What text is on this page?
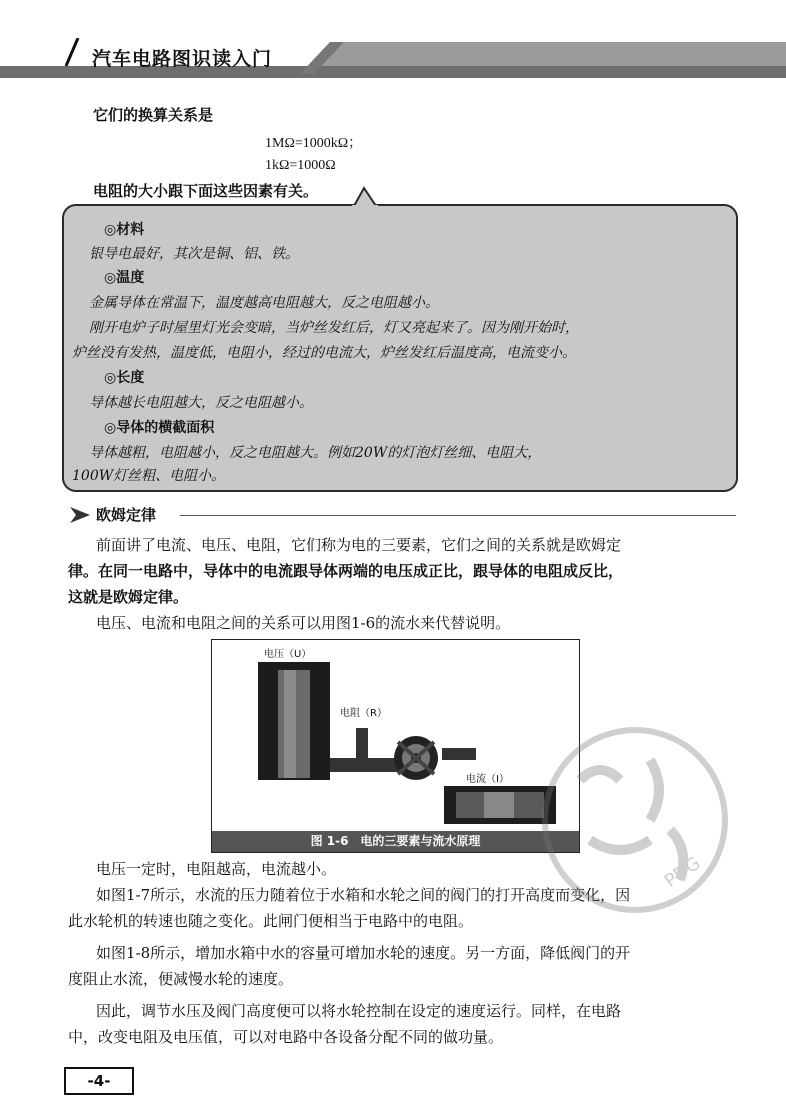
汽车电路图识读入门
它们的换算关系是
1MΩ=1000kΩ；
1kΩ=1000Ω
电阻的大小跟下面这些因素有关。
◎材料
银导电最好，其次是铜、铝、铁。
◎温度
金属导体在常温下，温度越高电阻越大，反之电阻越小。
刚开电炉子时屋里灯光会变暗，当炉丝发红后，灯又亮起来了。因为刚开始时，
炉丝没有发热，温度低，电阻小，经过的电流大，炉丝发红后温度高，电流变小。
◎长度
导体越长电阻越大，反之电阻越小。
◎导体的横截面积
导体越粗，电阻越小，反之电阻越大。例如20W的灯泡灯丝细、电阻大，
100W灯丝粗、电阻小。
欧姆定律
前面讲了电流、电压、电阻，它们称为电的三要素，它们之间的关系就是欧姆定
律。在同一电路中，导体中的电流跟导体两端的电压成正比，跟导体的电阻成反比，
这就是欧姆定律。
电压、电流和电阻之间的关系可以用图1-6的流水来代替说明。
电压（U）
电阻（R）
电流（I）
图 1-6　电的三要素与流水原理
电压一定时，电阻越高，电流越小。
如图1-7所示，水流的压力随着位于水箱和水轮之间的阀门的打开高度而变化，因
此水轮机的转速也随之变化。此闸门便相当于电路中的电阻。
如图1-8所示，增加水箱中水的容量可增加水轮的速度。另一方面，降低阀门的开
度阻止水流，便减慢水轮的速度。
因此，调节水压及阀门高度便可以将水轮控制在设定的速度运行。同样，在电路
中，改变电阻及电压值，可以对电路中各设备分配不同的做功量。
PDG
-4-
